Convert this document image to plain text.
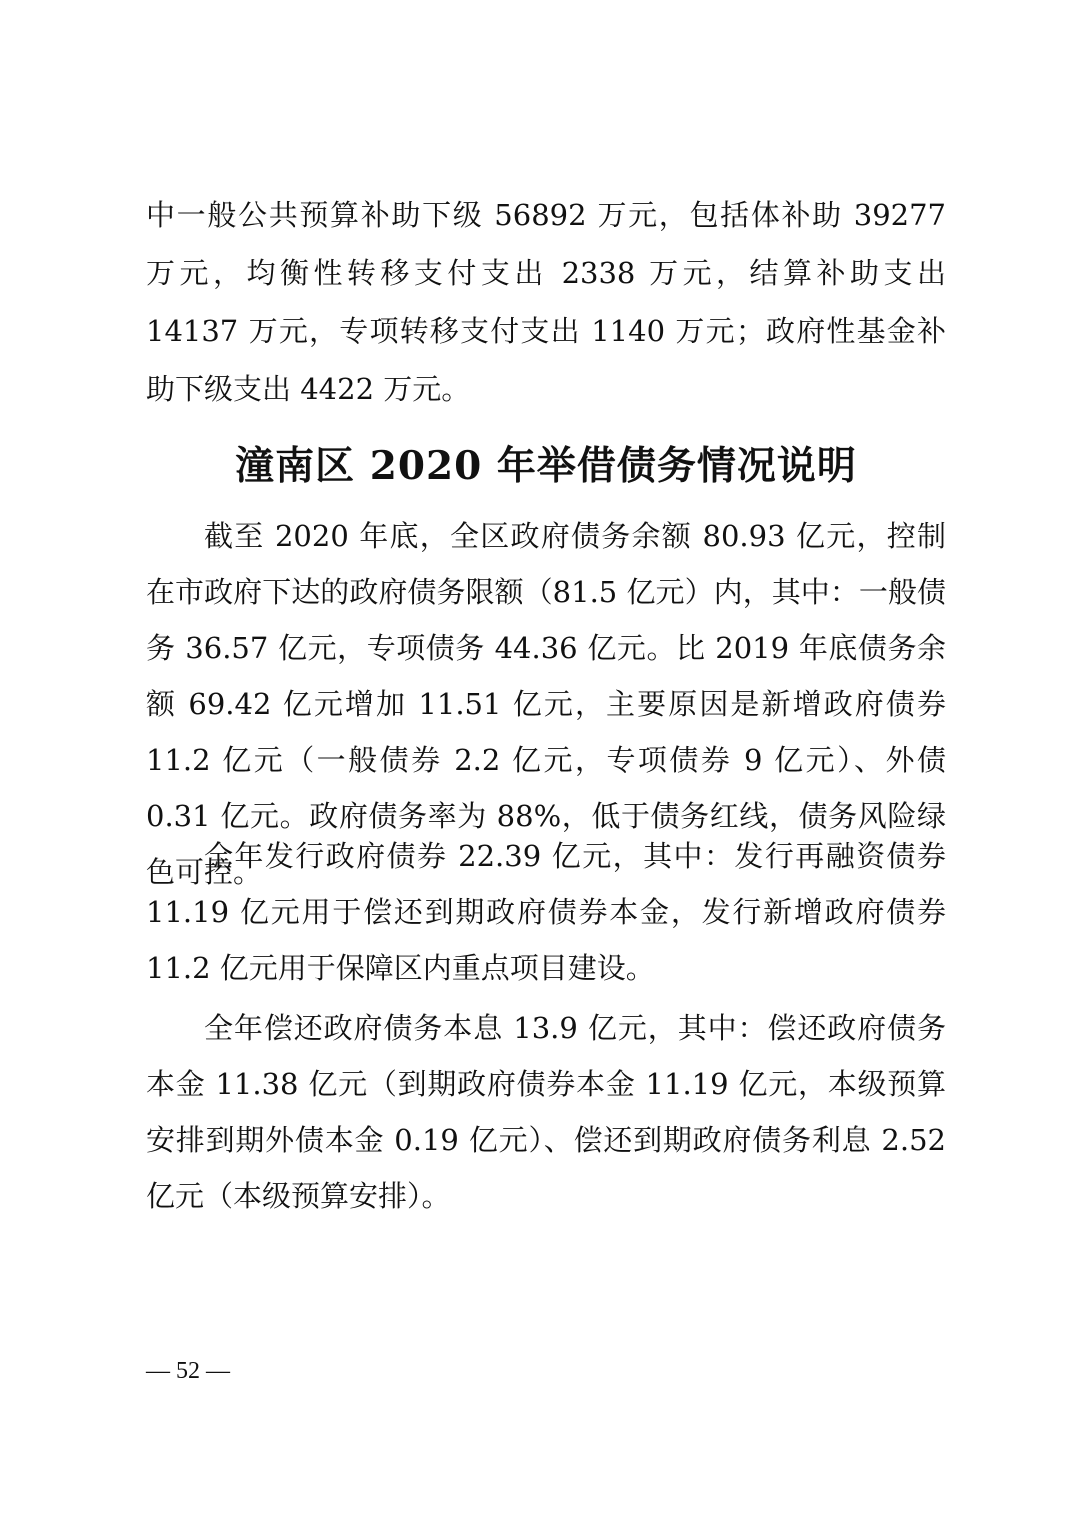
中一般公共预算补助下级 56892 万元，包括体补助 39277 万元，均衡性转移支付支出 2338 万元，结算补助支出 14137 万元，专项转移支付支出 1140 万元；政府性基金补助下级支出 4422 万元。
潼南区 2020 年举借债务情况说明

截至 2020 年底，全区政府债务余额 80.93 亿元，控制在市政府下达的政府债务限额（81.5 亿元）内，其中：一般债务 36.57 亿元，专项债务 44.36 亿元。比 2019 年底债务余额 69.42 亿元增加 11.51 亿元，主要原因是新增政府债券 11.2 亿元（一般债券 2.2 亿元，专项债券 9 亿元）、外债 0.31 亿元。政府债务率为 88%，低于债务红线，债务风险绿色可控。

全年发行政府债券 22.39 亿元，其中：发行再融资债券 11.19 亿元用于偿还到期政府债券本金，发行新增政府债券 11.2 亿元用于保障区内重点项目建设。

全年偿还政府债务本息 13.9 亿元，其中：偿还政府债务本金 11.38 亿元（到期政府债券本金 11.19 亿元，本级预算安排到期外债本金 0.19 亿元）、偿还到期政府债务利息 2.52 亿元（本级预算安排）。

— 52 —
